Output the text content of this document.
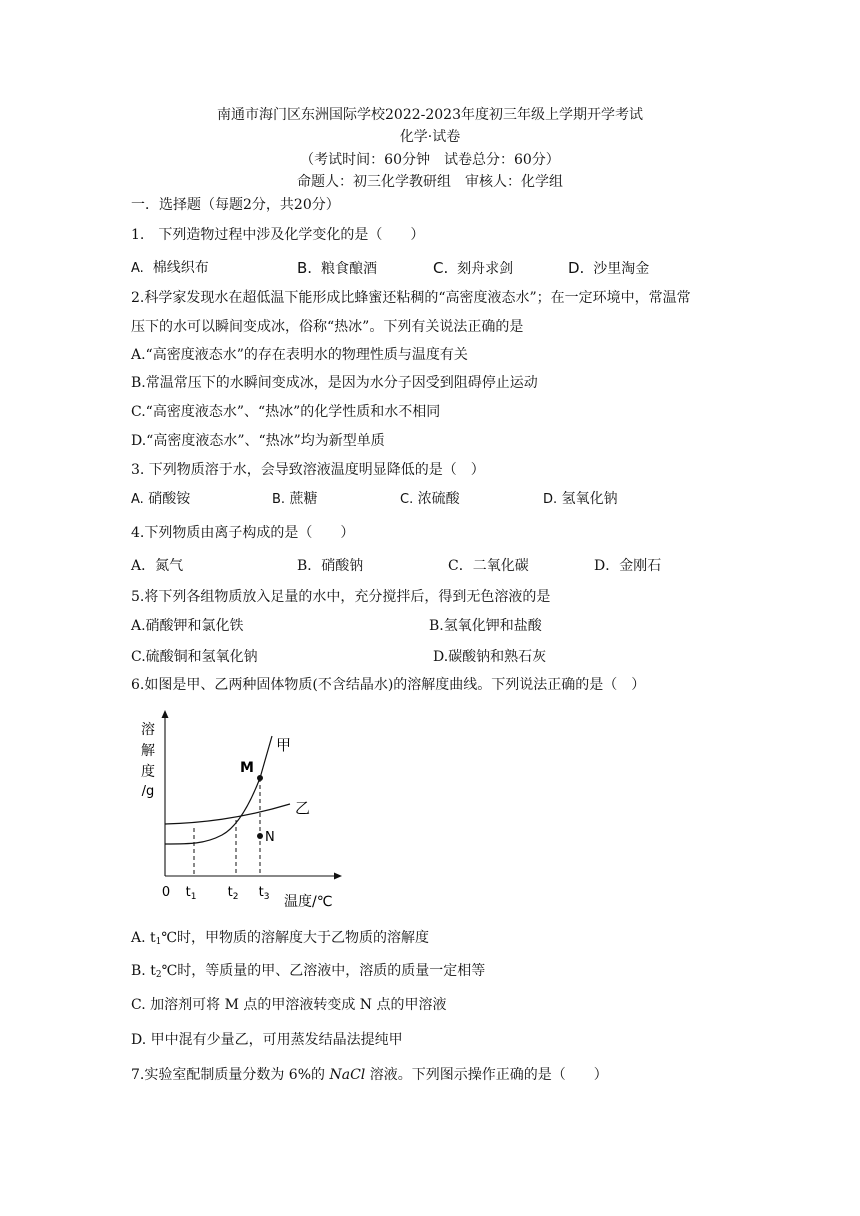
南通市海门区东洲国际学校2022-2023年度初三年级上学期开学考试
化学·试卷
（考试时间：60分钟　试卷总分：60分）
命题人：初三化学教研组　审核人：化学组
一．选择题（每题2分，共20分）
1.　下列造物过程中涉及化学变化的是（　　）
A. 棉线织布	B. 粮食酿酒	C. 刻舟求剑	D. 沙里淘金
2.科学家发现水在超低温下能形成比蜂蜜还粘稠的“高密度液态水”；在一定环境中，常温常
压下的水可以瞬间变成冰，俗称“热冰”。下列有关说法正确的是
A.“高密度液态水”的存在表明水的物理性质与温度有关
B.常温常压下的水瞬间变成冰，是因为水分子因受到阻碍停止运动
C.“高密度液态水”、“热冰”的化学性质和水不相同
D.“高密度液态水”、“热冰”均为新型单质
3. 下列物质溶于水，会导致溶液温度明显降低的是（　）
A. 硝酸铵	B. 蔗糖	C. 浓硫酸	D. 氢氧化钠
4.下列物质由离子构成的是（　　）
A．氮气	B．硝酸钠	C．二氧化碳	D．金刚石
5.将下列各组物质放入足量的水中，充分搅拌后，得到无色溶液的是
A.硝酸钾和氯化铁	B.氢氧化钾和盐酸
C.硫酸铜和氢氧化钠	D.碳酸钠和熟石灰
6.如图是甲、乙两种固体物质(不含结晶水)的溶解度曲线。下列说法正确的是（　）
溶
解
度
/g
M
N
甲
乙
0 $t_1$ $t_2$ $t_3$ 温度/℃
A. $t_1℃$时，甲物质的溶解度大于乙物质的溶解度
B. $t_2℃$时，等质量的甲、乙溶液中，溶质的质量一定相等
C. 加溶剂可将 M 点的甲溶液转变成 N 点的甲溶液
D. 甲中混有少量乙，可用蒸发结晶法提纯甲
7.实验室配制质量分数为 6%的 NaCl 溶液。下列图示操作正确的是（　　）
